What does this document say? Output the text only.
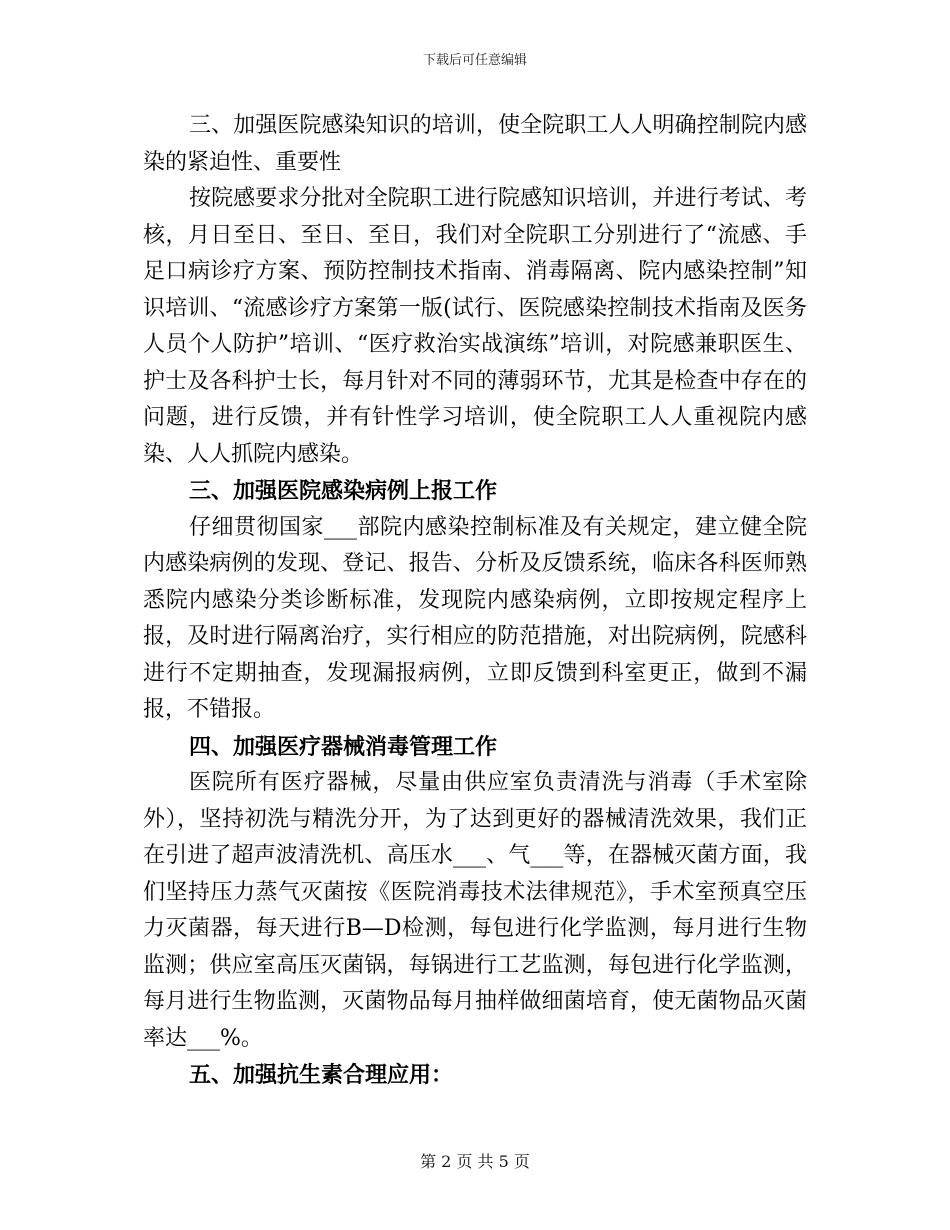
下载后可任意编辑

三、加强医院感染知识的培训，使全院职工人人明确控制院内感染的紧迫性、重要性

按院感要求分批对全院职工进行院感知识培训，并进行考试、考核，月日至日、至日、至日，我们对全院职工分别进行了“流感、手足口病诊疗方案、预防控制技术指南、消毒隔离、院内感染控制”知识培训、“流感诊疗方案第一版(试行、医院感染控制技术指南及医务人员个人防护”培训、“医疗救治实战演练”培训，对院感兼职医生、护士及各科护士长，每月针对不同的薄弱环节，尤其是检查中存在的问题，进行反馈，并有针性学习培训，使全院职工人人重视院内感染、人人抓院内感染。

三、加强医院感染病例上报工作

仔细贯彻国家___部院内感染控制标准及有关规定，建立健全院内感染病例的发现、登记、报告、分析及反馈系统，临床各科医师熟悉院内感染分类诊断标准，发现院内感染病例，立即按规定程序上报，及时进行隔离治疗，实行相应的防范措施，对出院病例，院感科进行不定期抽查，发现漏报病例，立即反馈到科室更正，做到不漏报，不错报。

四、加强医疗器械消毒管理工作

医院所有医疗器械，尽量由供应室负责清洗与消毒（手术室除外），坚持初洗与精洗分开，为了达到更好的器械清洗效果，我们正在引进了超声波清洗机、高压水___、气___等，在器械灭菌方面，我们坚持压力蒸气灭菌按《医院消毒技术法律规范》，手术室预真空压力灭菌器，每天进行B—D检测，每包进行化学监测，每月进行生物监测；供应室高压灭菌锅，每锅进行工艺监测，每包进行化学监测，每月进行生物监测，灭菌物品每月抽样做细菌培育，使无菌物品灭菌率达___%。

五、加强抗生素合理应用：

第 2 页 共 5 页
